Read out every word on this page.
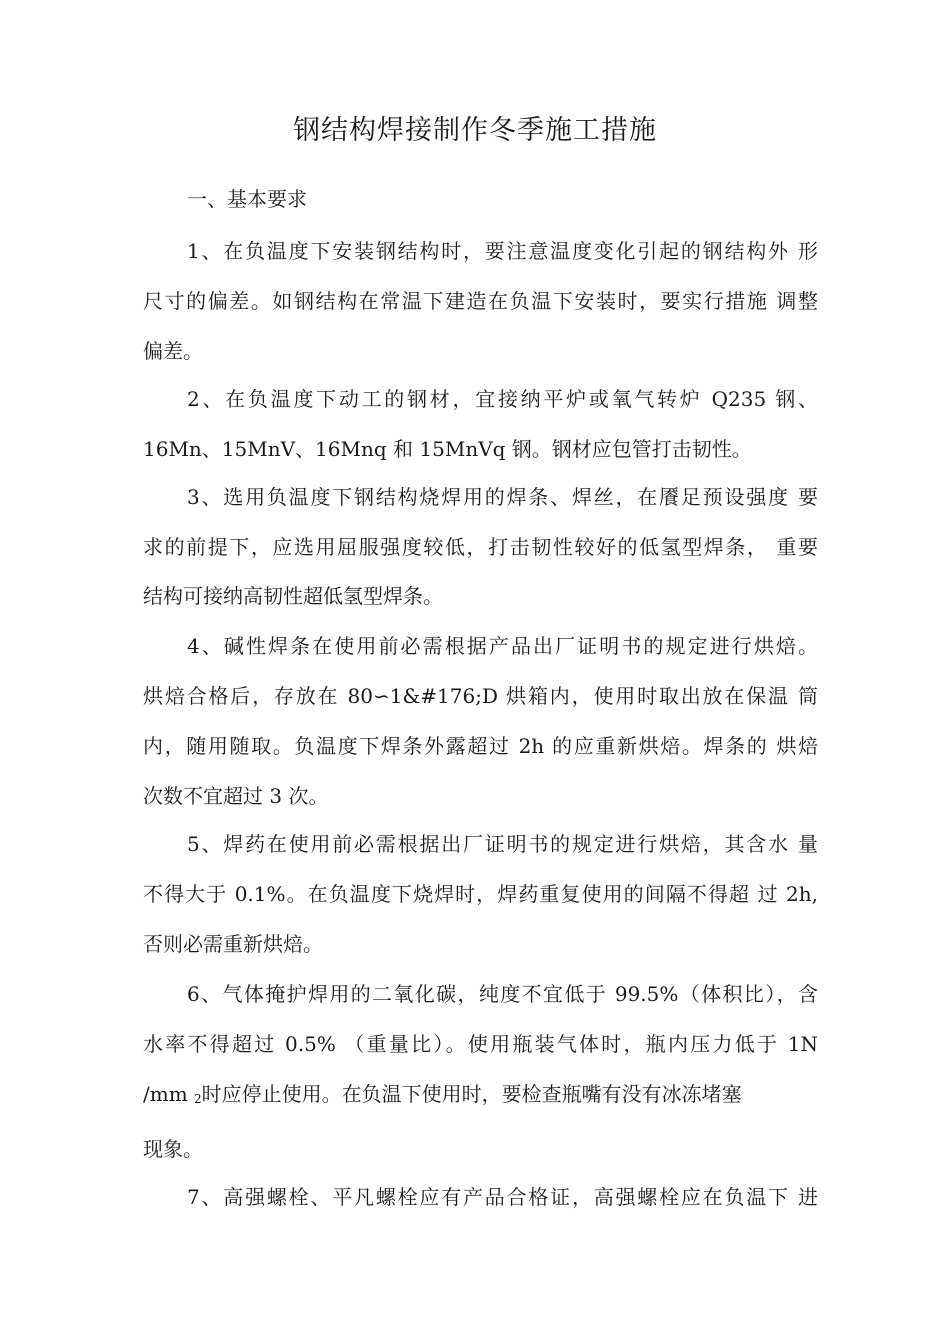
钢结构焊接制作冬季施工措施

一、基本要求

1、在负温度下安装钢结构时，要注意温度变化引起的钢结构外 形

尺寸的偏差。如钢结构在常温下建造在负温下安装时，要实行措施 调整

偏差。

2、在负温度下动工的钢材，宜接纳平炉或氧气转炉 Q235 钢、

16Mn、15MnV、16Mnq 和 15MnVq 钢。钢材应包管打击韧性。

3、选用负温度下钢结构烧焊用的焊条、焊丝，在餍足预设强度 要

求的前提下，应选用屈服强度较低，打击韧性较好的低氢型焊条， 重要

结构可接纳高韧性超低氢型焊条。

4、碱性焊条在使用前必需根据产品出厂证明书的规定进行烘焙。

烘焙合格后，存放在 80∽1&#176;D 烘箱内，使用时取出放在保温 筒

内，随用随取。负温度下焊条外露超过 2h 的应重新烘焙。焊条的 烘焙

次数不宜超过 3 次。

5、焊药在使用前必需根据出厂证明书的规定进行烘焙，其含水 量

不得大于 0.1%。在负温度下烧焊时，焊药重复使用的间隔不得超 过 2h,

否则必需重新烘焙。

6、气体掩护焊用的二氧化碳，纯度不宜低于 99.5%（体积比），含

水率不得超过 0.5% （重量比）。使用瓶装气体时，瓶内压力低于 1N

/mm 2时应停止使用。在负温下使用时，要检查瓶嘴有没有冰冻堵塞

现象。

7、高强螺栓、平凡螺栓应有产品合格证，高强螺栓应在负温下 进
